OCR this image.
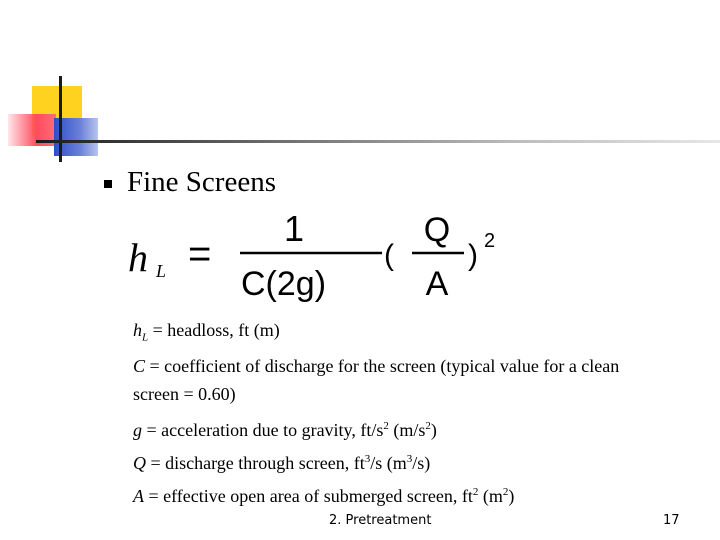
Fine Screens
h L =
1
C(2g)
(
Q
A
) 2
$h_L$ = headloss, ft (m)
C = coefficient of discharge for the screen (typical value for a clean
screen = 0.60)
g = acceleration due to gravity, $ft/s^2$ $(m/s^2)$
Q = discharge through screen, $ft^3/s$ $(m^3/s)$
A = effective open area of submerged screen, $ft^2$ $(m^2)$
2. Pretreatment	17
